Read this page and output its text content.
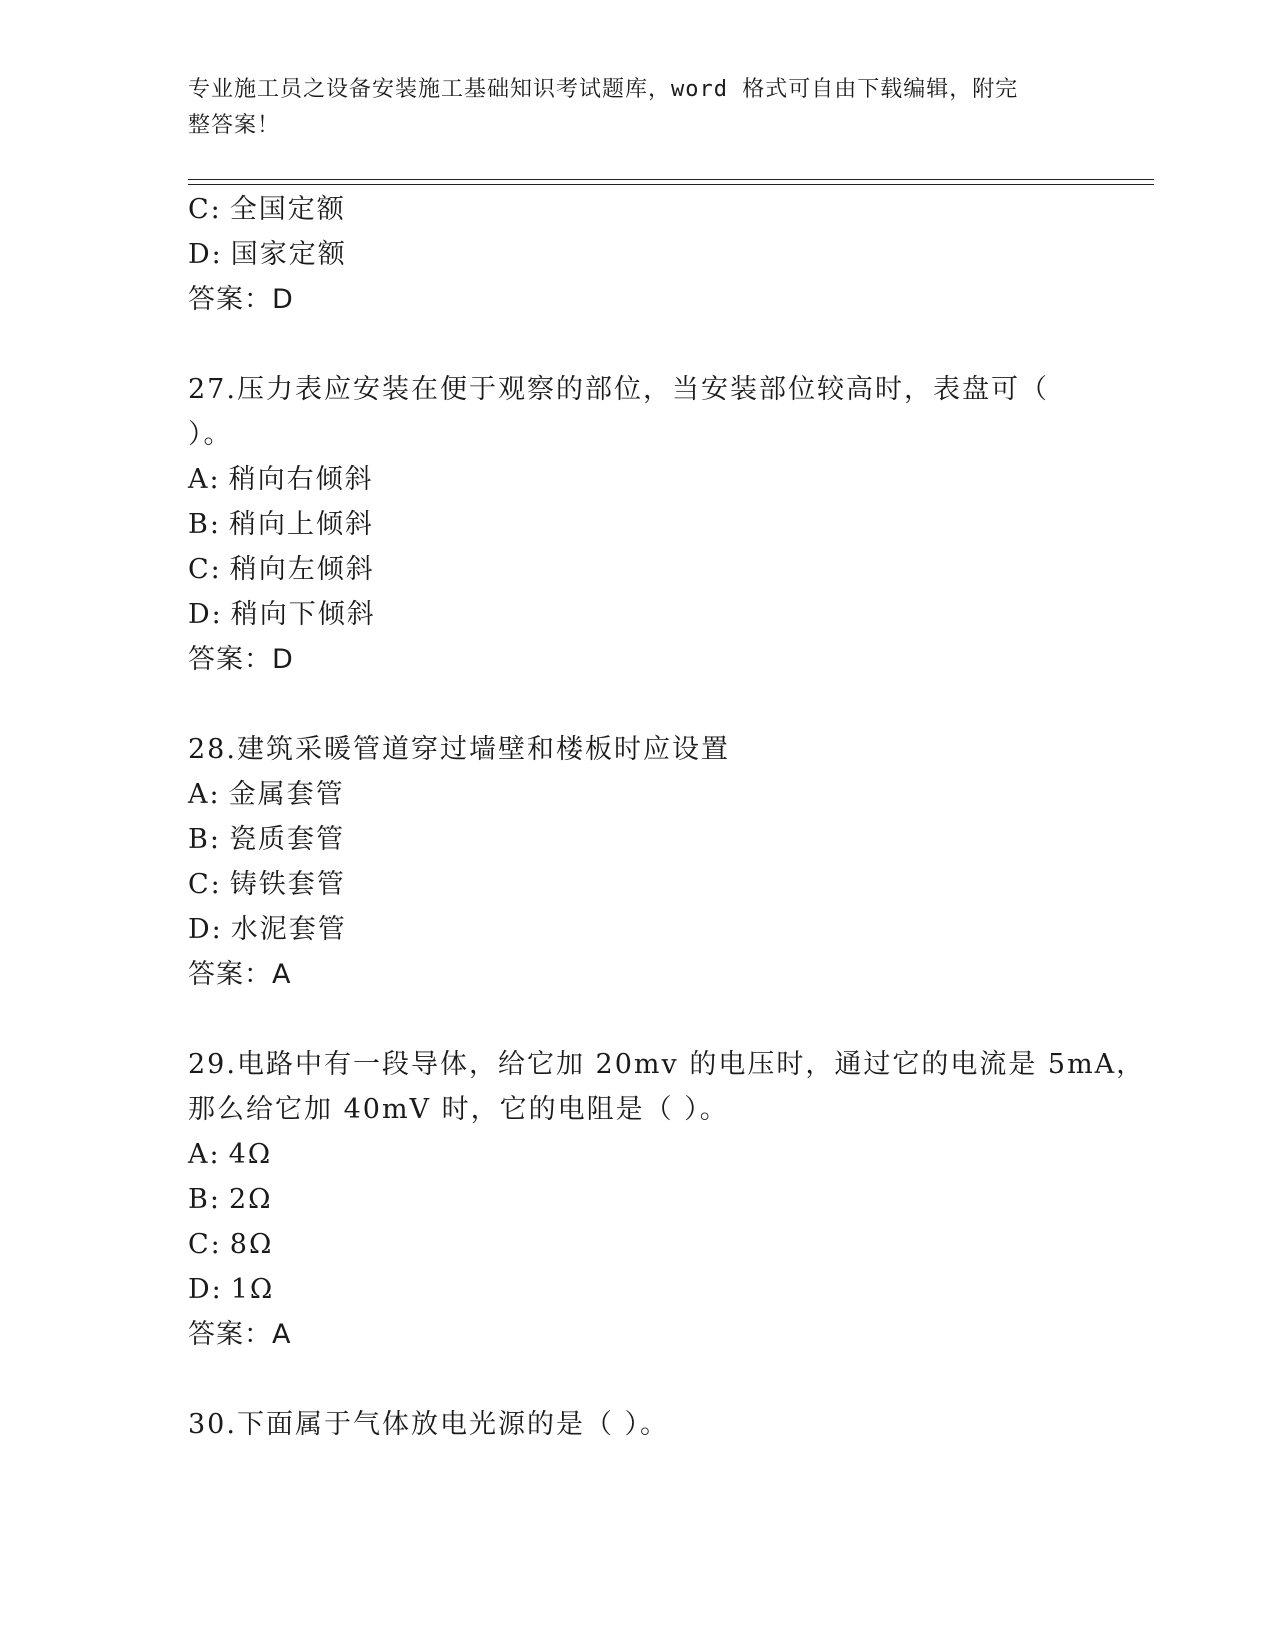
专业施工员之设备安装施工基础知识考试题库，word 格式可自由下载编辑，附完
整答案！
C: 全国定额
D: 国家定额
答案：D
27.压力表应安装在便于观察的部位，当安装部位较高时，表盘可（
）。
A: 稍向右倾斜
B: 稍向上倾斜
C: 稍向左倾斜
D: 稍向下倾斜
答案：D
28.建筑采暖管道穿过墙壁和楼板时应设置
A: 金属套管
B: 瓷质套管
C: 铸铁套管
D: 水泥套管
答案：A
29.电路中有一段导体，给它加 20mv 的电压时，通过它的电流是 5mA，
那么给它加 40mV 时，它的电阻是（ ）。
A: 4Ω
B: 2Ω
C: 8Ω
D: 1Ω
答案：A
30.下面属于气体放电光源的是（ ）。
